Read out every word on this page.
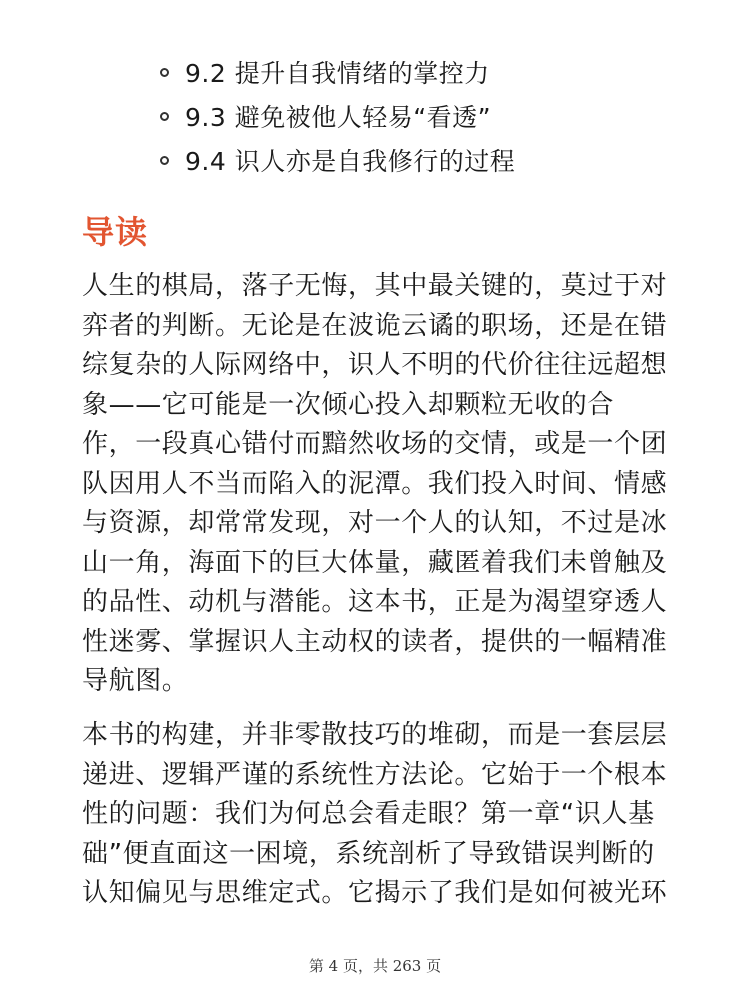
9.2 提升自我情绪的掌控力
9.3 避免被他人轻易“看透”
9.4 识人亦是自我修行的过程
导读

人生的棋局，落子无悔，其中最关键的，莫过于对
弈者的判断。无论是在波诡云谲的职场，还是在错
综复杂的人际网络中，识人不明的代价往往远超想
象——它可能是一次倾心投入却颗粒无收的合
作，一段真心错付而黯然收场的交情，或是一个团
队因用人不当而陷入的泥潭。我们投入时间、情感
与资源，却常常发现，对一个人的认知，不过是冰
山一角，海面下的巨大体量，藏匿着我们未曾触及
的品性、动机与潜能。这本书，正是为渴望穿透人
性迷雾、掌握识人主动权的读者，提供的一幅精准
导航图。

本书的构建，并非零散技巧的堆砌，而是一套层层
递进、逻辑严谨的系统性方法论。它始于一个根本
性的问题：我们为何总会看走眼？第一章“识人基
础”便直面这一困境，系统剖析了导致错误判断的
认知偏见与思维定式。它揭示了我们是如何被光环

第 4 页，共 263 页
